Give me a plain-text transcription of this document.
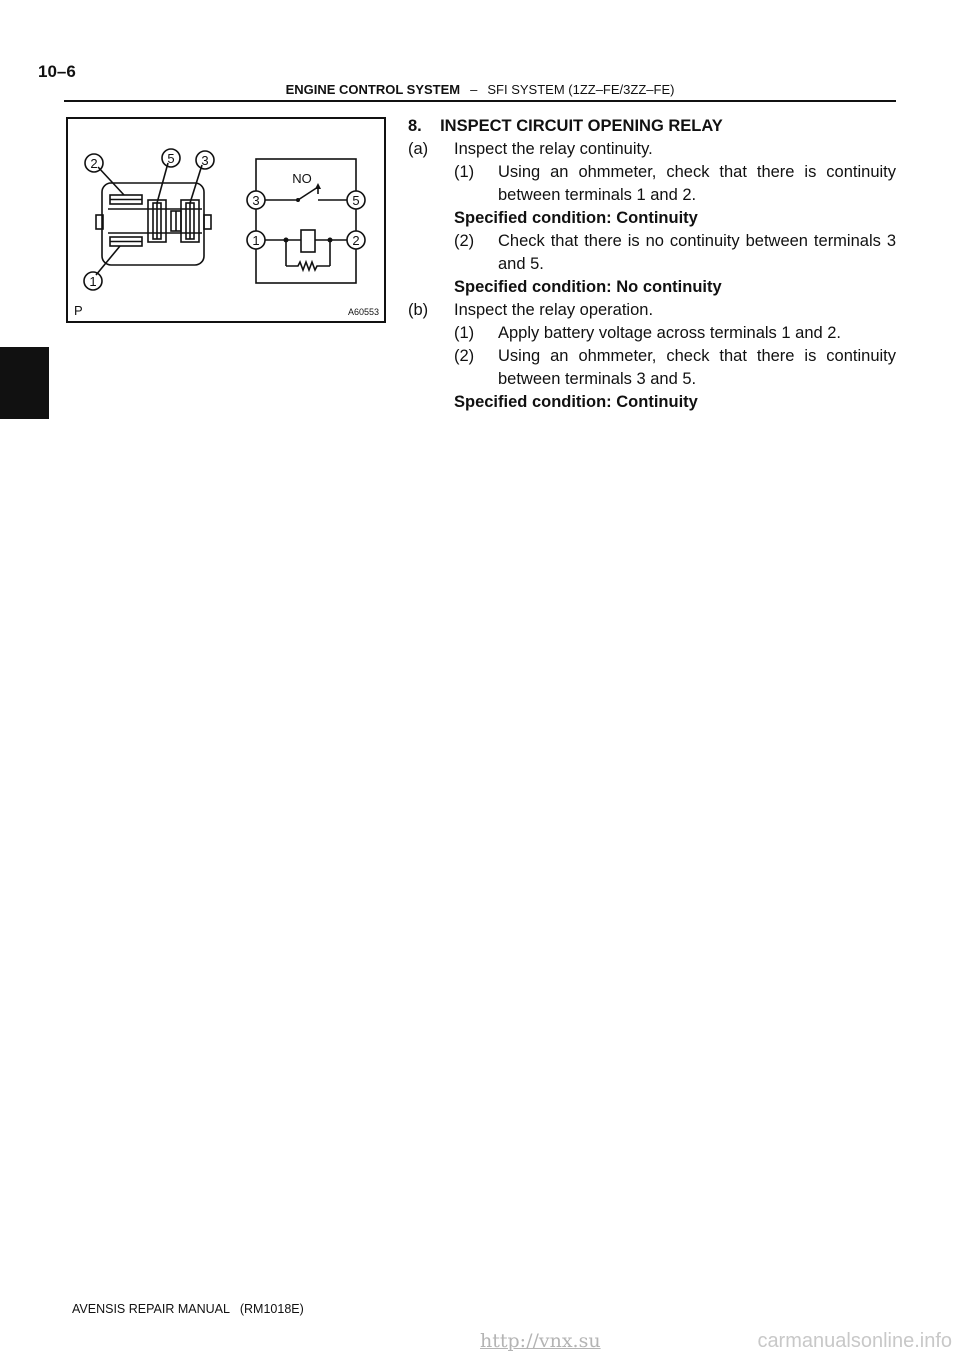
10–6
ENGINE CONTROL SYSTEM – SFI SYSTEM (1ZZ–FE/3ZZ–FE)
2	5 3
1
NO
3	5
1	2
P	A60553
8.    INSPECT CIRCUIT OPENING RELAY
(a)	Inspect the relay continuity.
(1)	Using an ohmmeter, check that there is continuity between terminals 1 and 2.
Specified condition: Continuity
(2)	Check that there is no continuity between terminals 3 and 5.
Specified condition: No continuity
(b)	Inspect the relay operation.
(1)	Apply battery voltage across terminals 1 and 2.
(2)	Using an ohmmeter, check that there is continuity between terminals 3 and 5.
Specified condition: Continuity
AVENSIS REPAIR MANUAL   (RM1018E)
http://vnx.su	carmanualsonline.info
